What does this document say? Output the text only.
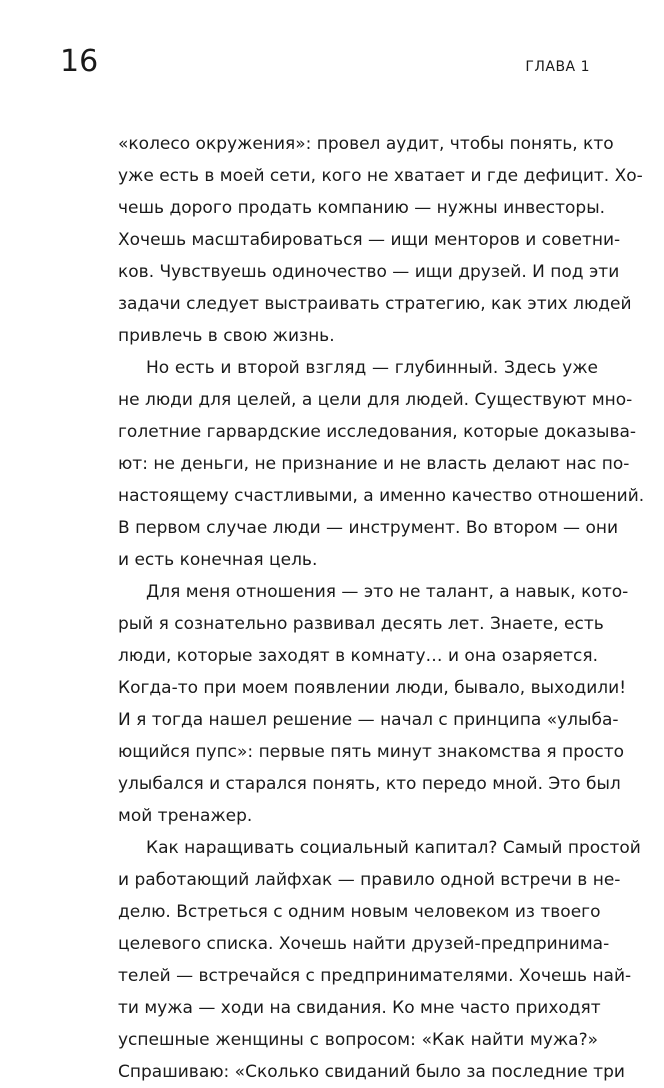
16	ГЛАВА 1
«колесо окружения»: провел аудит, чтобы понять, кто
уже есть в моей сети, кого не хватает и где дефицит. Хо-
чешь дорого продать компанию — нужны инвесторы.
Хочешь масштабироваться — ищи менторов и советни-
ков. Чувствуешь одиночество — ищи друзей. И под эти
задачи следует выстраивать стратегию, как этих людей
привлечь в свою жизнь.
Но есть и второй взгляд — глубинный. Здесь уже
не люди для целей, а цели для людей. Существуют мно-
голетние гарвардские исследования, которые доказыва-
ют: не деньги, не признание и не власть делают нас по-
настоящему счастливыми, а именно качество отношений.
В первом случае люди — инструмент. Во втором — они
и есть конечная цель.
Для меня отношения — это не талант, а навык, кото-
рый я сознательно развивал десять лет. Знаете, есть
люди, которые заходят в комнату… и она озаряется.
Когда-то при моем появлении люди, бывало, выходили!
И я тогда нашел решение — начал с принципа «улыба-
ющийся пупс»: первые пять минут знакомства я просто
улыбался и старался понять, кто передо мной. Это был
мой тренажер.
Как наращивать социальный капитал? Самый простой
и работающий лайфхак — правило одной встречи в не-
делю. Встреться с одним новым человеком из твоего
целевого списка. Хочешь найти друзей-предпринима-
телей — встречайся с предпринимателями. Хочешь най-
ти мужа — ходи на свидания. Ко мне часто приходят
успешные женщины с вопросом: «Как найти мужа?»
Спрашиваю: «Сколько свиданий было за последние три
